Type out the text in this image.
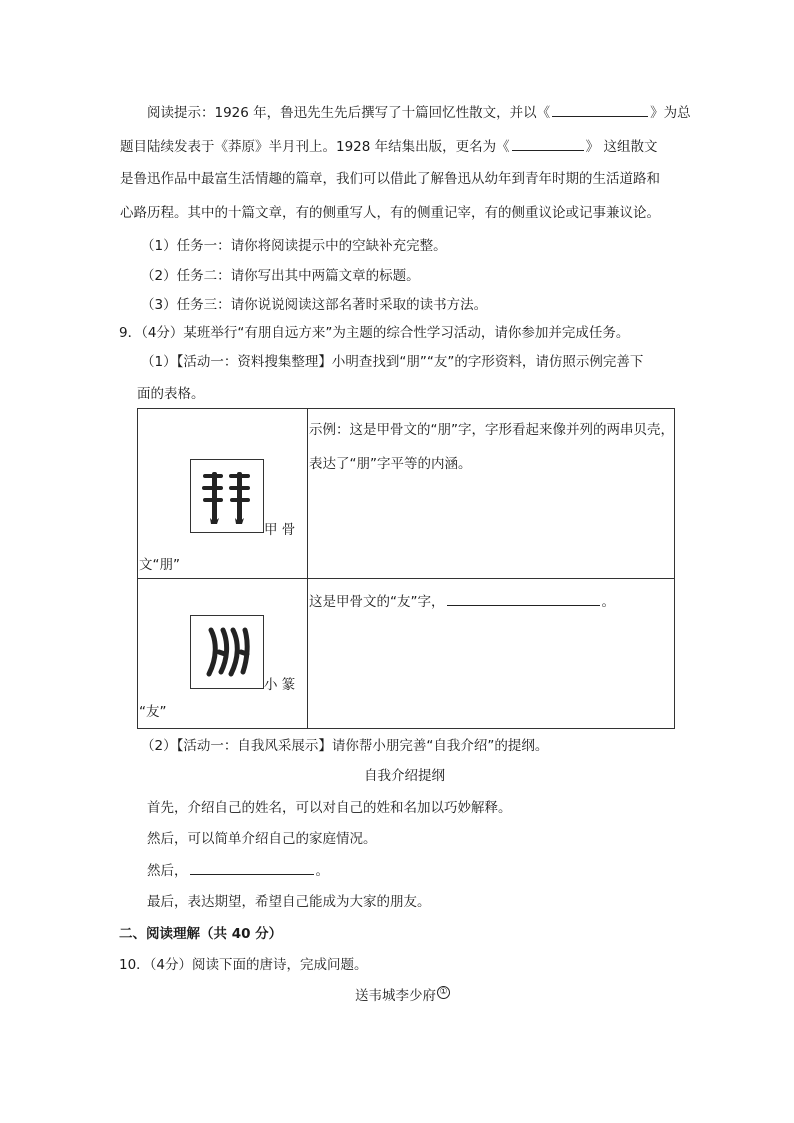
阅读提示：1926 年，鲁迅先生先后撰写了十篇回忆性散文，并以《	》为总
题目陆续发表于《莽原》半月刊上。1928 年结集出版，更名为《	》 这组散文
是鲁迅作品中最富生活情趣的篇章，我们可以借此了解鲁迅从幼年到青年时期的生活道路和
心路历程。其中的十篇文章，有的侧重写人，有的侧重记宰，有的侧重议论或记事兼议论。
（1）任务一：请你将阅读提示中的空缺补充完整。
（2）任务二：请你写出其中两篇文章的标题。
（3）任务三：请你说说阅读这部名著时采取的读书方法。
9．（4分）某班举行“有朋自远方来”为主题的综合性学习活动，请你参加并完成任务。
（1）【活动一：资料搜集整理】小明查找到“朋”“友”的字形资料，请仿照示例完善下
面的表格。
甲 骨
文“朋”	示例：这是甲骨文的“朋”字，字形看起来像并列的两串贝壳，表达了“朋”字平等的内涵。

小 篆
“友”	这是甲骨文的“友”字， 。
（2）【活动一：自我风采展示】请你帮小朋完善“自我介绍”的提纲。
自我介绍提纲
首先，介绍自己的姓名，可以对自己的姓和名加以巧妙解释。
然后，可以简单介绍自己的家庭情况。
然后，	。
最后，表达期望，希望自己能成为大家的朋友。
二、阅读理解（共 40 分）
10．（4分）阅读下面的唐诗，完成问题。
送韦城李少府 ①
